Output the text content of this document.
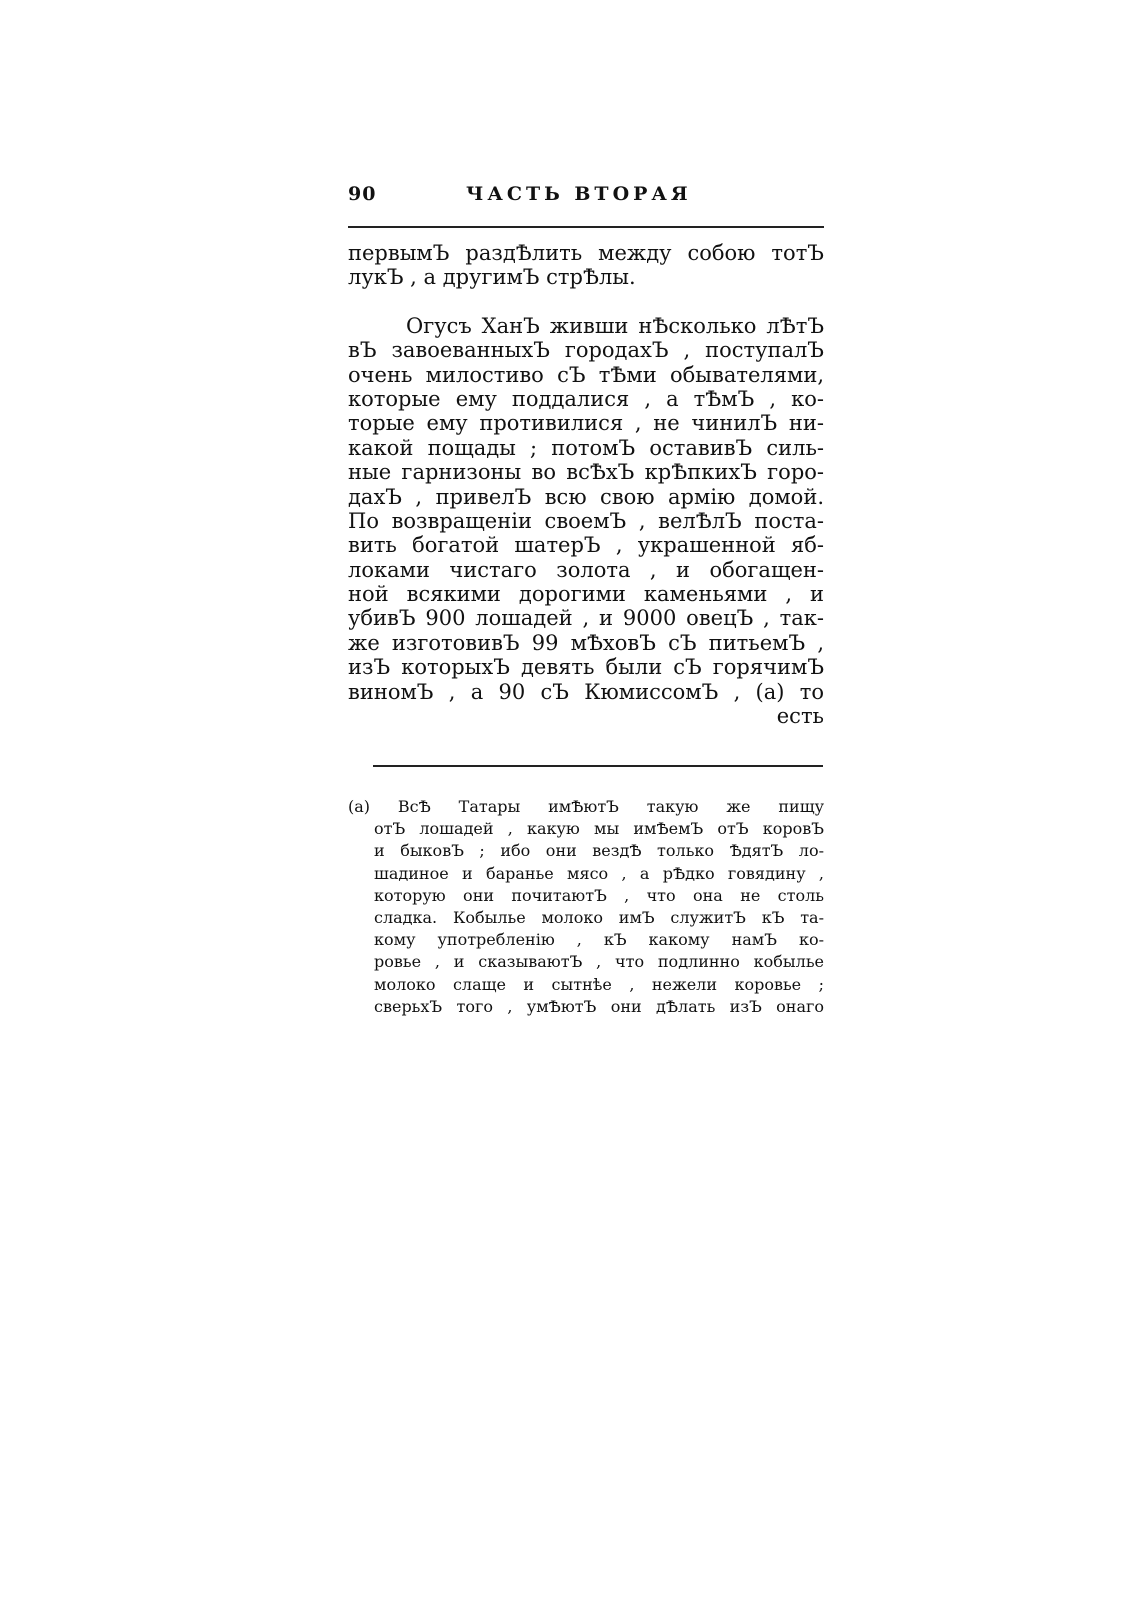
90	ЧАСТЬ ВТОРАЯ
первымЪ раздѢлить между собою тотЪ
лукЪ , а другимЪ стрѢлы.
Огусъ ХанЪ живши нѢсколько лѢтЪ
вЪ завоеванныхЪ городахЪ , поступалЪ
очень милостиво сЪ тѢми обывателями,
которые ему поддалися , а тѢмЪ , ко-
торые ему противилися , не чинилЪ ни-
какой пощады ; потомЪ оставивЪ силь-
ные гарнизоны во всѢхЪ крѢпкихЪ горо-
дахЪ , привелЪ всю свою армію домой.
По возвращеніи своемЪ , велѢлЪ поста-
вить богатой шатерЪ , украшенной яб-
локами чистаго золота , и обогащен-
ной всякими дорогими каменьями , и
убивЪ 900 лошадей , и 9000 овецЪ , так-
же изготовивЪ 99 мѢховЪ сЪ питьемЪ ,
изЪ которыхЪ девять были сЪ горячимЪ
виномЪ , а 90 сЪ КюмиссомЪ , (а) то
есть
(а) ВсѢ Татары имѢютЪ такую же пищу
отЪ лошадей , какую мы имѢемЪ отЪ коровЪ
и быковЪ ; ибо они вездѢ только ѢдятЪ ло-
шадиное и баранье мясо , а рѢдко говядину ,
которую они почитаютЪ , что она не столь
сладка. Кобылье молоко имЪ служитЪ кЪ та-
кому употребленію , кЪ какому намЪ ко-
ровье , и сказываютЪ , что подлинно кобылье
молоко слаще и сытнѣе , нежели коровье ;
сверьхЪ того , умѢютЪ они дѢлать изЪ онаго
